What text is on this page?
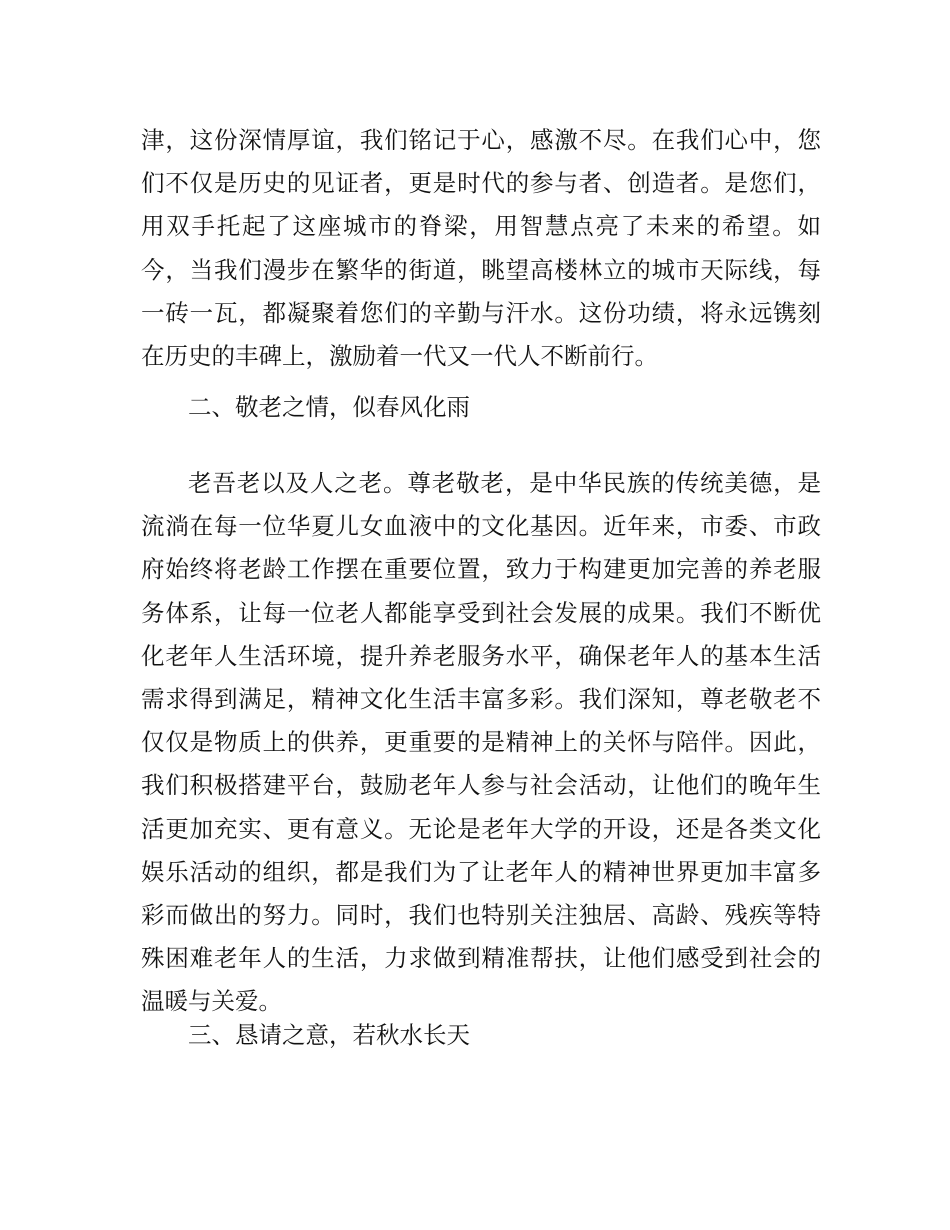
津，这份深情厚谊，我们铭记于心，感激不尽。在我们心中，您们不仅是历史的见证者，更是时代的参与者、创造者。是您们，用双手托起了这座城市的脊梁，用智慧点亮了未来的希望。如今，当我们漫步在繁华的街道，眺望高楼林立的城市天际线，每一砖一瓦，都凝聚着您们的辛勤与汗水。这份功绩，将永远镌刻在历史的丰碑上，激励着一代又一代人不断前行。

二、敬老之情，似春风化雨

老吾老以及人之老。尊老敬老，是中华民族的传统美德，是流淌在每一位华夏儿女血液中的文化基因。近年来，市委、市政府始终将老龄工作摆在重要位置，致力于构建更加完善的养老服务体系，让每一位老人都能享受到社会发展的成果。我们不断优化老年人生活环境，提升养老服务水平，确保老年人的基本生活需求得到满足，精神文化生活丰富多彩。我们深知，尊老敬老不仅仅是物质上的供养，更重要的是精神上的关怀与陪伴。因此，我们积极搭建平台，鼓励老年人参与社会活动，让他们的晚年生活更加充实、更有意义。无论是老年大学的开设，还是各类文化娱乐活动的组织，都是我们为了让老年人的精神世界更加丰富多彩而做出的努力。同时，我们也特别关注独居、高龄、残疾等特殊困难老年人的生活，力求做到精准帮扶，让他们感受到社会的温暖与关爱。

三、恳请之意，若秋水长天
